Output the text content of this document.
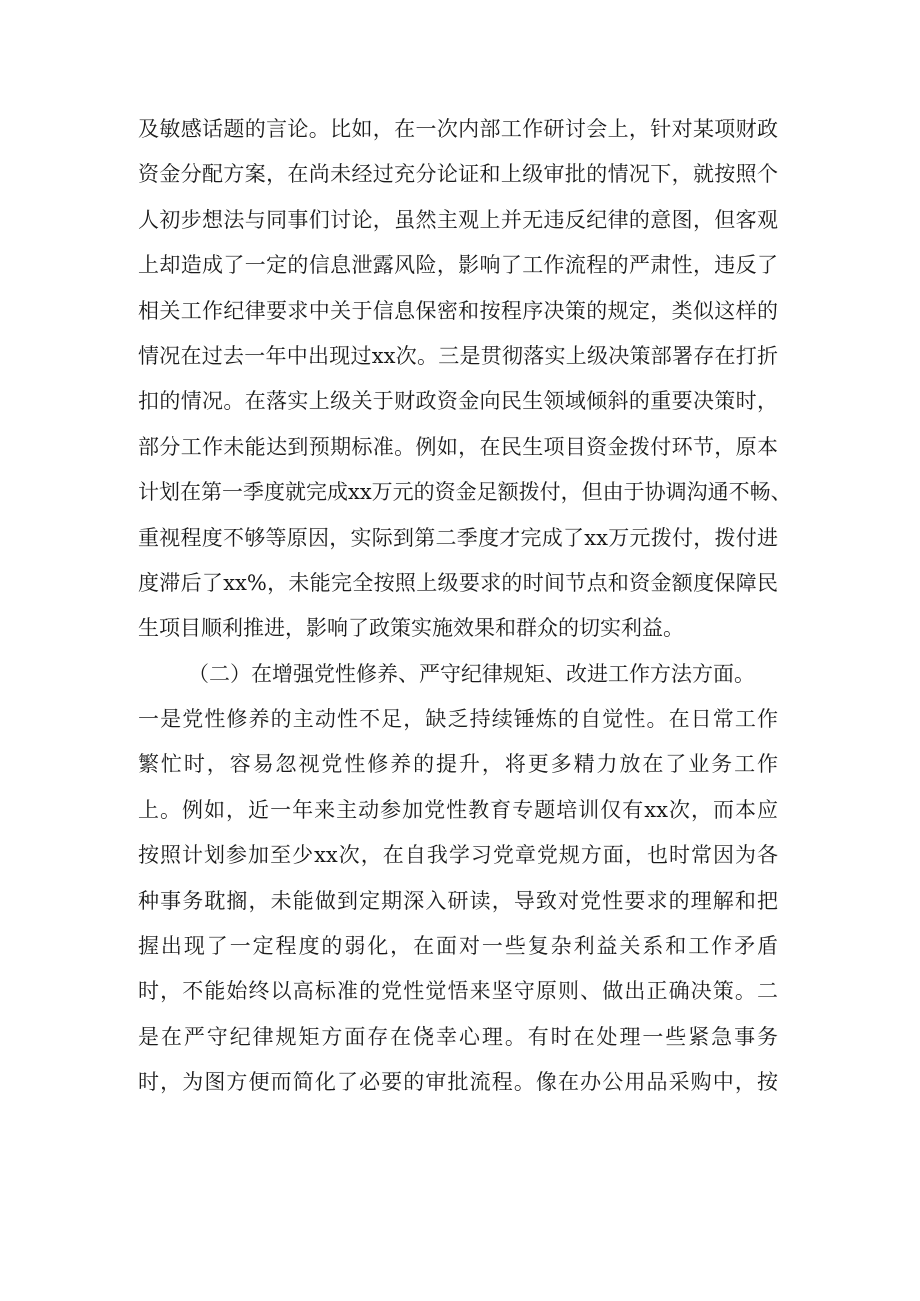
及敏感话题的言论。比如，在一次内部工作研讨会上，针对某项财政
资金分配方案，在尚未经过充分论证和上级审批的情况下，就按照个
人初步想法与同事们讨论，虽然主观上并无违反纪律的意图，但客观
上却造成了一定的信息泄露风险，影响了工作流程的严肃性，违反了
相关工作纪律要求中关于信息保密和按程序决策的规定，类似这样的
情况在过去一年中出现过xx次。三是贯彻落实上级决策部署存在打折
扣的情况。在落实上级关于财政资金向民生领域倾斜的重要决策时，
部分工作未能达到预期标准。例如，在民生项目资金拨付环节，原本
计划在第一季度就完成xx万元的资金足额拨付，但由于协调沟通不畅、
重视程度不够等原因，实际到第二季度才完成了xx万元拨付，拨付进
度滞后了xx%，未能完全按照上级要求的时间节点和资金额度保障民
生项目顺利推进，影响了政策实施效果和群众的切实利益。
（二）在增强党性修养、严守纪律规矩、改进工作方法方面。
一是党性修养的主动性不足，缺乏持续锤炼的自觉性。在日常工作
繁忙时，容易忽视党性修养的提升，将更多精力放在了业务工作
上。例如，近一年来主动参加党性教育专题培训仅有xx次，而本应
按照计划参加至少xx次，在自我学习党章党规方面，也时常因为各
种事务耽搁，未能做到定期深入研读，导致对党性要求的理解和把
握出现了一定程度的弱化，在面对一些复杂利益关系和工作矛盾
时，不能始终以高标准的党性觉悟来坚守原则、做出正确决策。二
是在严守纪律规矩方面存在侥幸心理。有时在处理一些紧急事务
时，为图方便而简化了必要的审批流程。像在办公用品采购中，按
